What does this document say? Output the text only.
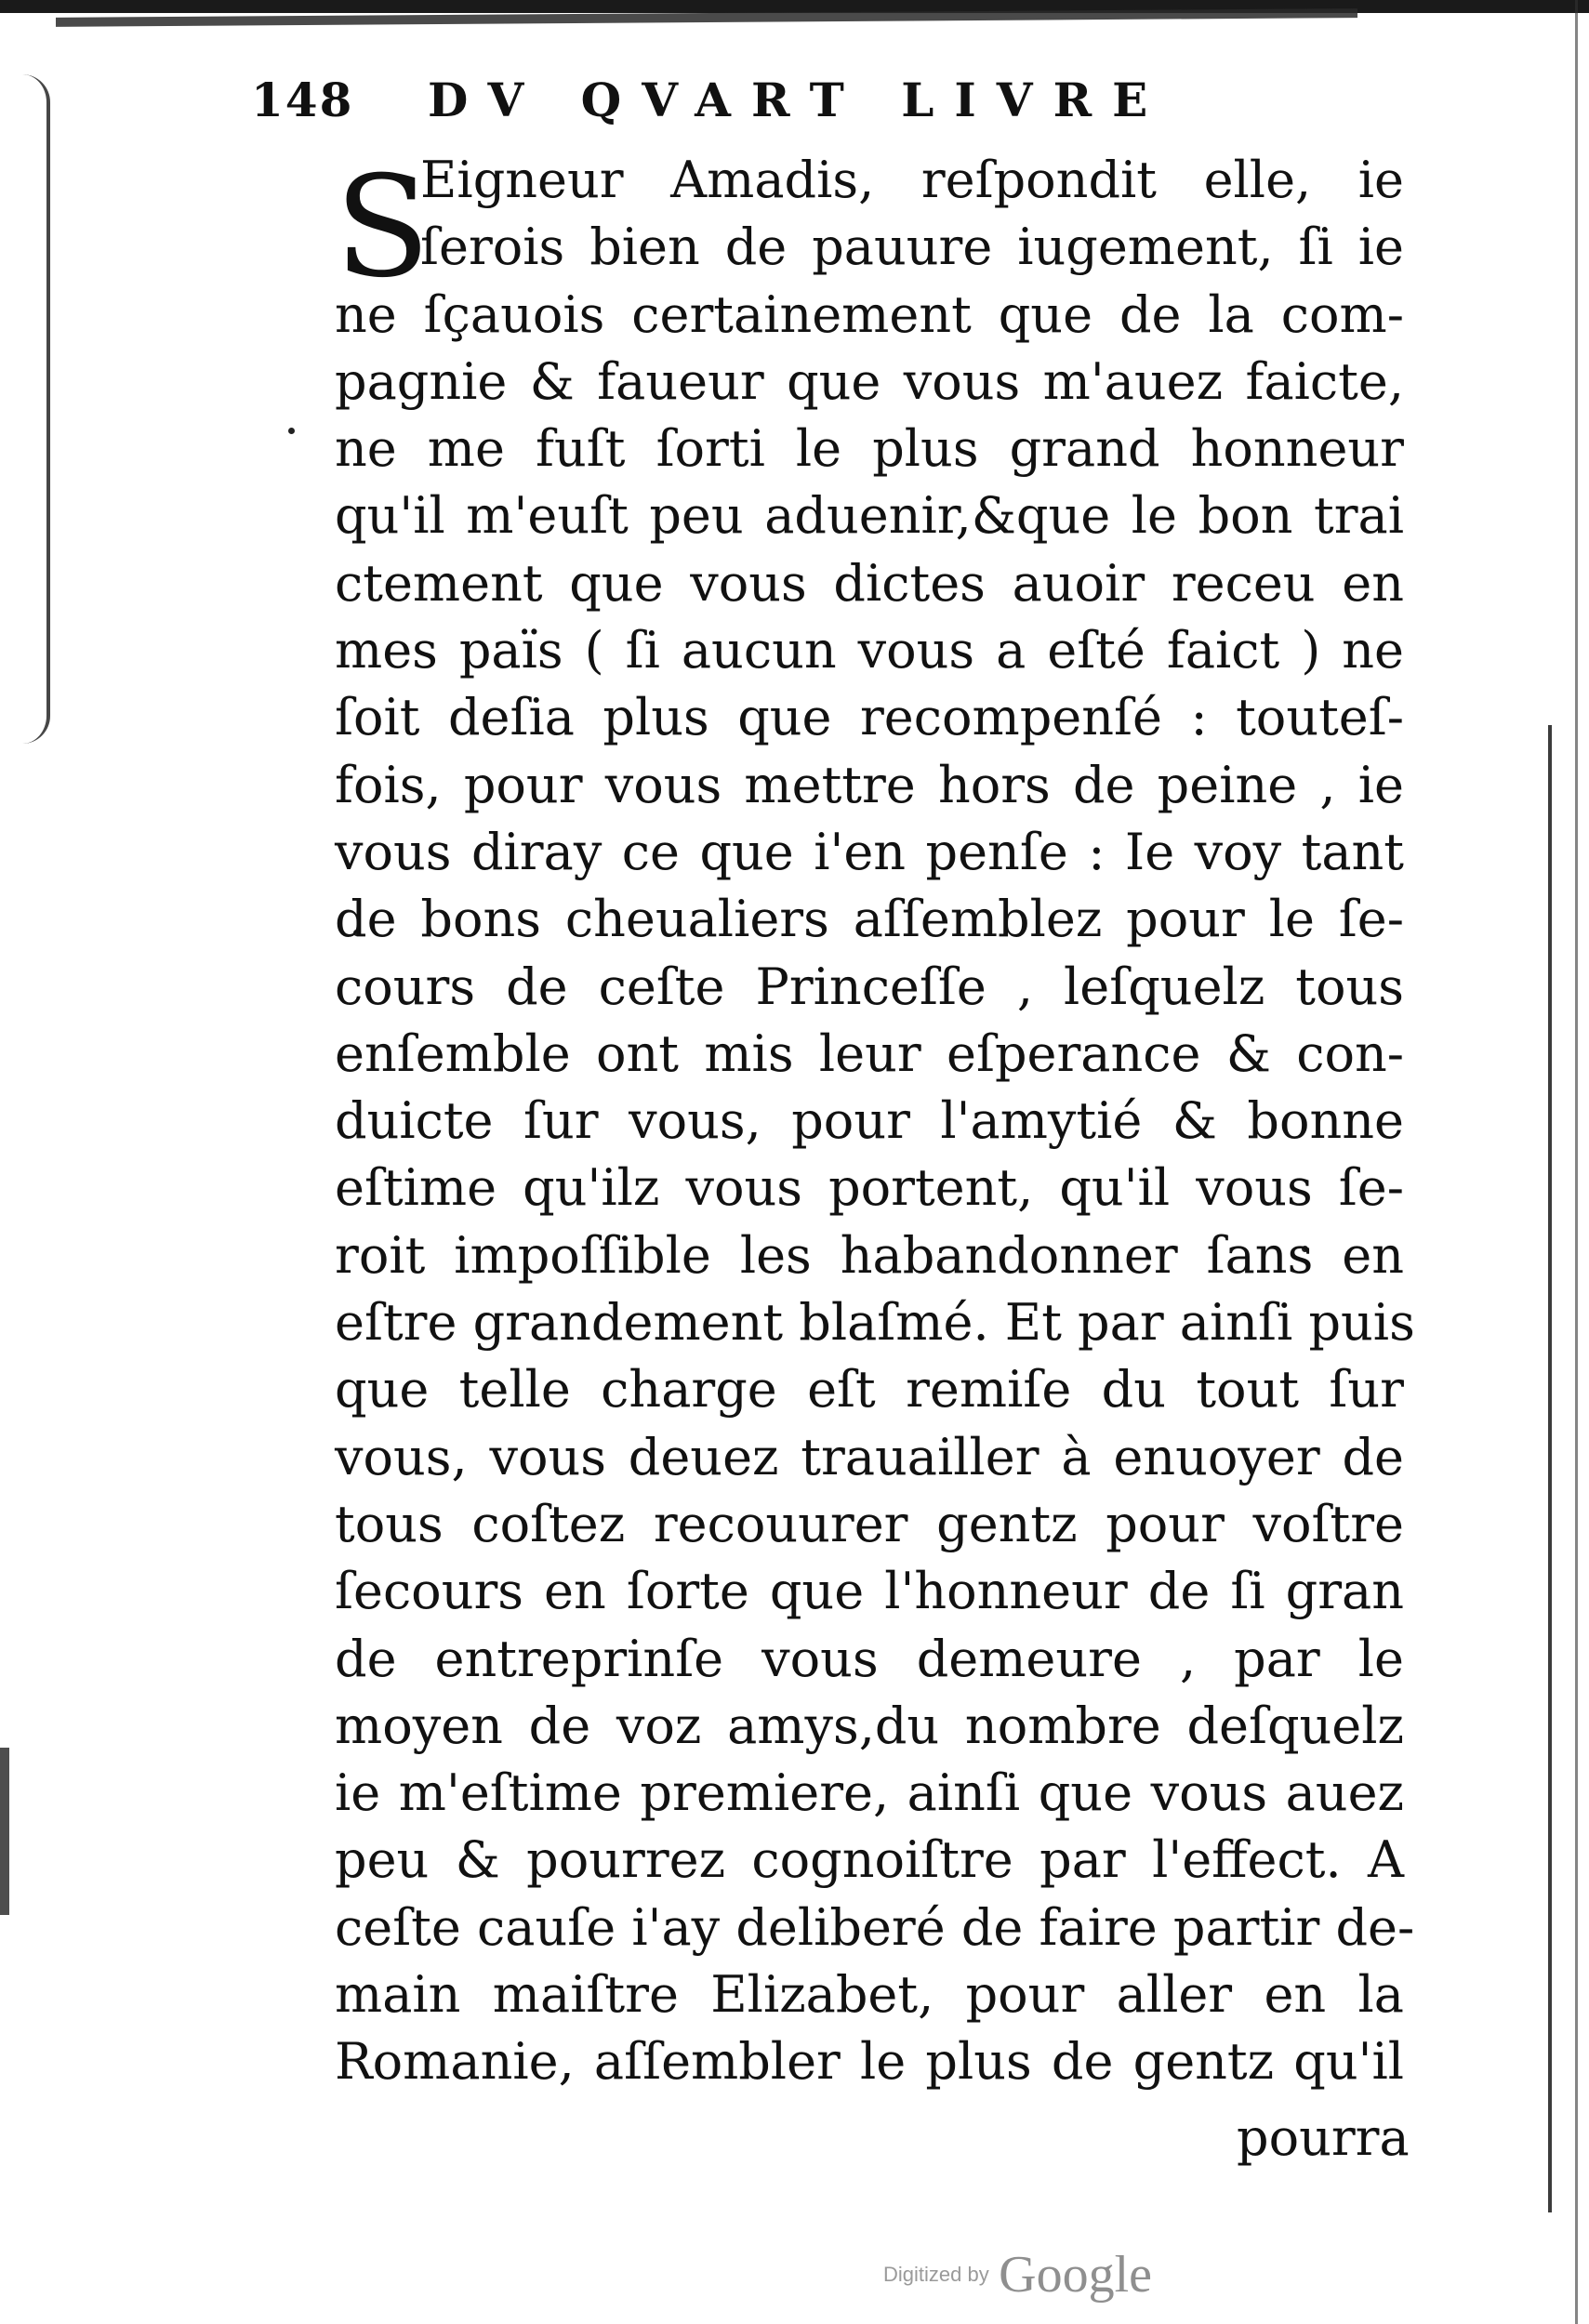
148 DV QVART LIVRE
S
Eigneur Amadis, reſpondit elle, ie
ſerois bien de pauure iugement, ſi ie
ne ſçauois certainement que de la com-
pagnie & faueur que vous m'auez faicte,
ne me fuſt ſorti le plus grand honneur
qu'il m'euſt peu aduenir,&que le bon trai
ctement que vous dictes auoir receu en
mes païs ( ſi aucun vous a eſté faict ) ne
ſoit deſia plus que recompenſé : touteſ-
fois, pour vous mettre hors de peine , ie
vous diray ce que i'en penſe : Ie voy tant
de bons cheualiers aſſemblez pour le ſe-
cours de ceſte Princeſſe , leſquelz tous
enſemble ont mis leur eſperance & con-
duicte ſur vous, pour l'amytié & bonne
eſtime qu'ilz vous portent, qu'il vous ſe-
roit impoſſible les habandonner ſans en
eſtre grandement blaſmé. Et par ainſi puis
que telle charge eſt remiſe du tout ſur
vous, vous deuez trauailler à enuoyer de
tous coſtez recouurer gentz pour voſtre
ſecours en ſorte que l'honneur de ſi gran
de entreprinſe vous demeure , par le
moyen de voz amys,du nombre deſquelz
ie m'eſtime premiere, ainſi que vous auez
peu & pourrez cognoiſtre par l'effect. A
ceſte cauſe i'ay deliberé de faire partir de-
main maiſtre Elizabet, pour aller en la
Romanie, aſſembler le plus de gentz qu'il
pourra
Digitized by Google
